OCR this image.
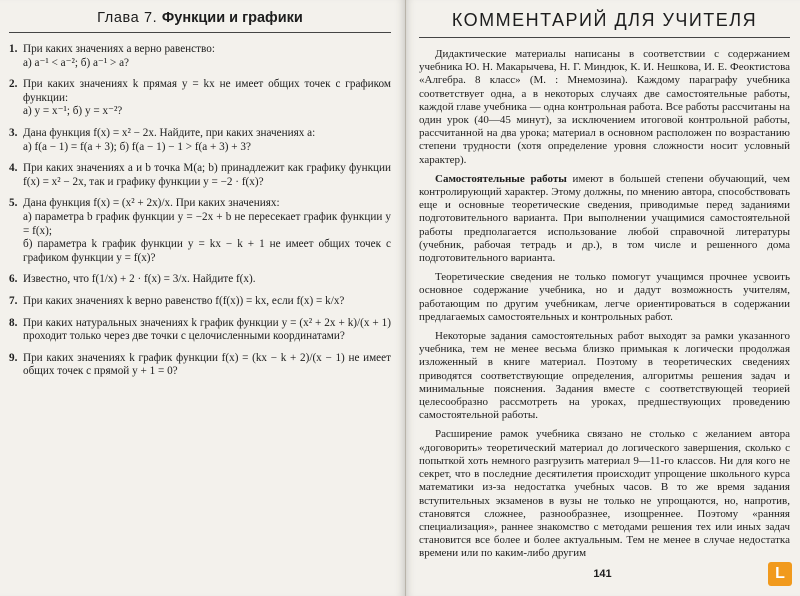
Глава 7. Функции и графики
1. При каких значениях a верно равенство:
а) a⁻¹ < a⁻²; б) a⁻¹ > a?
2. При каких значениях k прямая y = kx не имеет общих точек с графиком функции:
а) y = x⁻¹; б) y = x⁻²?
3. Дана функция f(x) = x² − 2x. Найдите, при каких значениях a:
а) f(a − 1) = f(a + 3); б) f(a − 1) − 1 > f(a + 3) + 3?
4. При каких значениях a и b точка M(a; b) принадлежит как графику функции f(x) = x² − 2x, так и графику функции y = −2 · f(x)?
5. Дана функция f(x) = (x² + 2x)/x. При каких значениях:
а) параметра b график функции y = −2x + b не пересекает график функции y = f(x);
б) параметра k график функции y = kx − k + 1 не имеет общих точек с графиком функции y = f(x)?
6. Известно, что f(1/x) + 2 · f(x) = 3/x. Найдите f(x).
7. При каких значениях k верно равенство f(f(x)) = kx, если f(x) = k/x?
8. При каких натуральных значениях k график функции y = (x² + 2x + k)/(x + 1) проходит только через две точки с целочисленными координатами?
9. При каких значениях k график функции f(x) = (kx − k + 2)/(x − 1) не имеет общих точек с прямой y + 1 = 0?
КОММЕНТАРИЙ ДЛЯ УЧИТЕЛЯ

Дидактические материалы написаны в соответствии с содержанием учебника Ю. Н. Макарычева, Н. Г. Миндюк, К. И. Нешкова, И. Е. Феоктистова «Алгебра. 8 класс» (М. : Мнемозина). Каждому параграфу учебника соответствует одна, а в некоторых случаях две самостоятельные работы, каждой главе учебника — одна контрольная работа. Все работы рассчитаны на один урок (40—45 минут), за исключением итоговой контрольной работы, рассчитанной на два урока; материал в основном расположен по возрастанию степени трудности (хотя определение уровня сложности носит условный характер).

Самостоятельные работы имеют в большей степени обучающий, чем контролирующий характер. Этому должны, по мнению автора, способствовать еще и основные теоретические сведения, приводимые перед заданиями подготовительного варианта. При выполнении учащимися самостоятельной работы предполагается использование любой справочной литературы (учебник, рабочая тетрадь и др.), в том числе и решенного дома подготовительного варианта.

Теоретические сведения не только помогут учащимся прочнее усвоить основное содержание учебника, но и дадут возможность учителям, работающим по другим учебникам, легче ориентироваться в содержании предлагаемых самостоятельных и контрольных работ.

Некоторые задания самостоятельных работ выходят за рамки указанного учебника, тем не менее весьма близко примыкая к логически продолжая изложенный в книге материал. Поэтому в теоретических сведениях приводятся соответствующие определения, алгоритмы решения задач и минимальные пояснения. Задания вместе с соответствующей теорией целесообразно рассмотреть на уроках, предшествующих проведению самостоятельной работы.

Расширение рамок учебника связано не столько с желанием автора «договорить» теоретический материал до логического завершения, сколько с попыткой хоть немного разгрузить материал 9—11-го классов. Ни для кого не секрет, что в последние десятилетия происходит упрощение школьного курса математики из-за недостатка учебных часов. В то же время задания вступительных экзаменов в вузы не только не упрощаются, но, напротив, становятся сложнее, разнообразнее, изощреннее. Поэтому «ранняя специализация», раннее знакомство с методами решения тех или иных задач становится все более и более актуальным. Тем не менее в случае недостатка времени или по каким-либо другим

141	L
